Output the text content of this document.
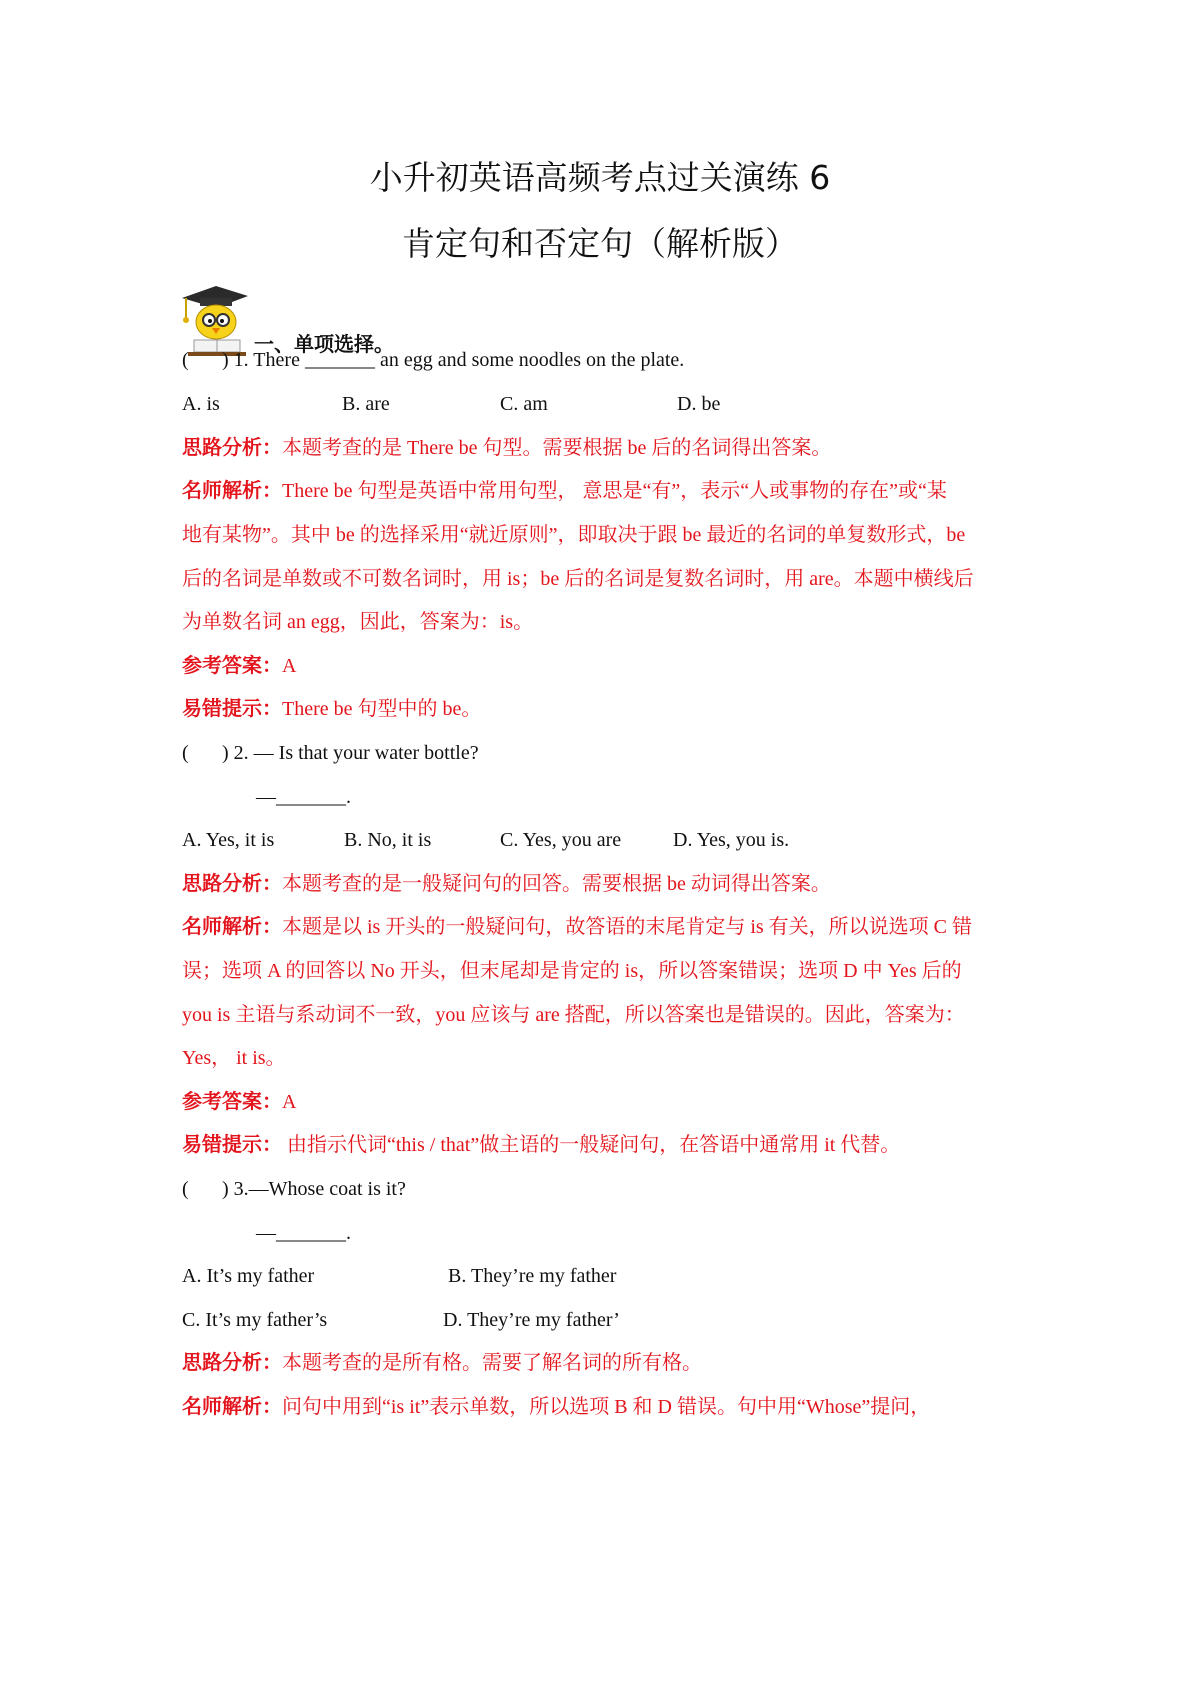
小升初英语高频考点过关演练 6
肯定句和否定句（解析版）
一、单项选择。
( ) 1. There _______ an egg and some noodles on the plate.
A. is	B. are	C. am	D. be
思路分析：本题考查的是 There be 句型。需要根据 be 后的名词得出答案。
名师解析：There be 句型是英语中常用句型， 意思是“有”，表示“人或事物的存在”或“某
地有某物”。其中 be 的选择采用“就近原则”，即取决于跟 be 最近的名词的单复数形式，be
后的名词是单数或不可数名词时，用 is；be 后的名词是复数名词时，用 are。本题中横线后
为单数名词 an egg，因此，答案为：is。
参考答案：A
易错提示：There be 句型中的 be。
( ) 2. — Is that your water bottle?
—_______.
A. Yes, it is	B. No, it is	C. Yes, you are	D. Yes, you is.
思路分析：本题考查的是一般疑问句的回答。需要根据 be 动词得出答案。
名师解析：本题是以 is 开头的一般疑问句，故答语的末尾肯定与 is 有关，所以说选项 C 错
误；选项 A 的回答以 No 开头，但末尾却是肯定的 is，所以答案错误；选项 D 中 Yes 后的
you is 主语与系动词不一致，you 应该与 are 搭配，所以答案也是错误的。因此，答案为：
Yes， it is。
参考答案：A
易错提示： 由指示代词“this / that”做主语的一般疑问句，在答语中通常用 it 代替。
( ) 3.—Whose coat is it?
—_______.
A. It’s my father	B. They’re my father
C. It’s my father’s	D. They’re my father’
思路分析：本题考查的是所有格。需要了解名词的所有格。
名师解析：问句中用到“is it”表示单数，所以选项 B 和 D 错误。句中用“Whose”提问，
